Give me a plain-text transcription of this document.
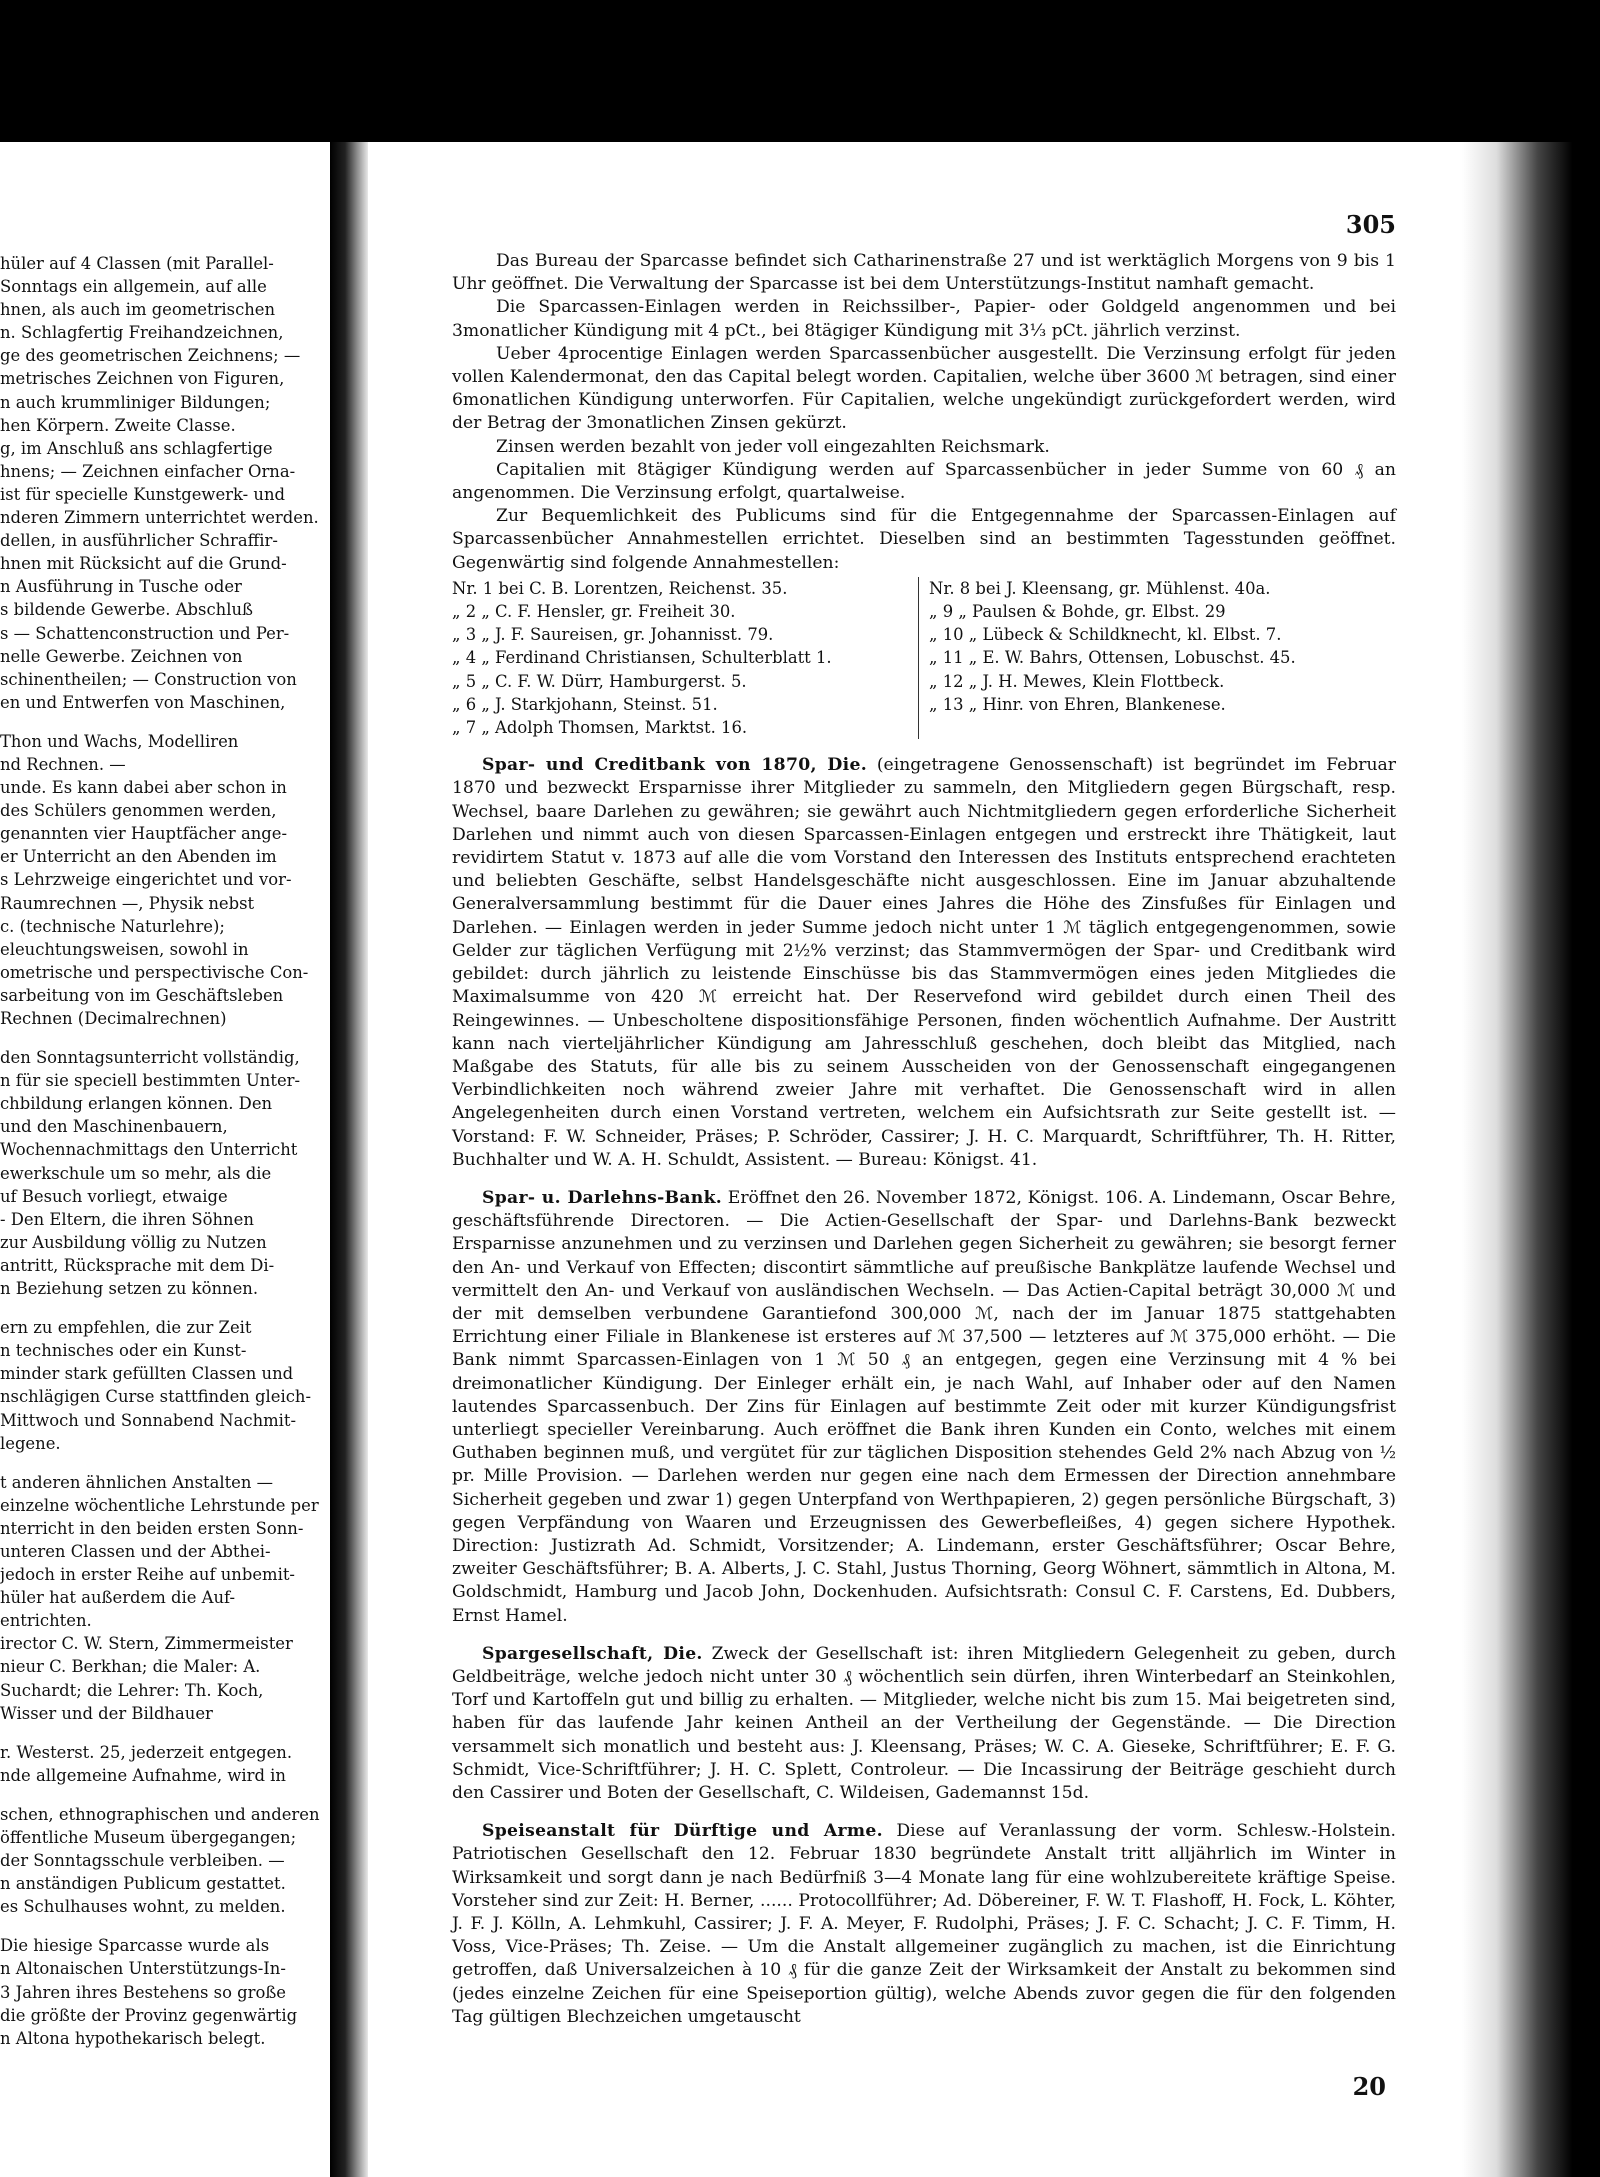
hüler auf 4 Classen (mit Parallel-
Sonntags ein allgemein, auf alle
hnen, als auch im geometrischen
n. Schlagfertig Freihandzeichnen,
ge des geometrischen Zeichnens; —
metrisches Zeichnen von Figuren,
n auch krummliniger Bildungen;
hen Körpern. Zweite Classe.
g, im Anschluß ans schlagfertige
hnens; — Zeichnen einfacher Orna-
ist für specielle Kunstgewerk- und
nderen Zimmern unterrichtet werden.
dellen, in ausführlicher Schraffir-
hnen mit Rücksicht auf die Grund-
n Ausführung in Tusche oder
s bildende Gewerbe. Abschluß
s — Schattenconstruction und Per-
nelle Gewerbe. Zeichnen von
schinentheilen; — Construction von
en und Entwerfen von Maschinen,
Thon und Wachs, Modelliren
nd Rechnen. —
unde. Es kann dabei aber schon in
des Schülers genommen werden,
genannten vier Hauptfächer ange-
er Unterricht an den Abenden im
s Lehrzweige eingerichtet und vor-
Raumrechnen —, Physik nebst
c. (technische Naturlehre);
eleuchtungsweisen, sowohl in
ometrische und perspectivische Con-
sarbeitung von im Geschäftsleben
Rechnen (Decimalrechnen)
den Sonntagsunterricht vollständig,
n für sie speciell bestimmten Unter-
chbildung erlangen können. Den
und den Maschinenbauern,
Wochennachmittags den Unterricht
ewerkschule um so mehr, als die
uf Besuch vorliegt, etwaige
- Den Eltern, die ihren Söhnen
zur Ausbildung völlig zu Nutzen
antritt, Rücksprache mit dem Di-
n Beziehung setzen zu können.
ern zu empfehlen, die zur Zeit
n technisches oder ein Kunst-
minder stark gefüllten Classen und
nschlägigen Curse stattfinden gleich-
Mittwoch und Sonnabend Nachmit-
legene.
t anderen ähnlichen Anstalten —
einzelne wöchentliche Lehrstunde per
nterricht in den beiden ersten Sonn-
unteren Classen und der Abthei-
jedoch in erster Reihe auf unbemit-
hüler hat außerdem die Auf-
entrichten.
irector C. W. Stern, Zimmermeister
nieur C. Berkhan; die Maler: A.
Suchardt; die Lehrer: Th. Koch,
Wisser und der Bildhauer
r. Westerst. 25, jederzeit entgegen.
nde allgemeine Aufnahme, wird in
schen, ethnographischen und anderen
öffentliche Museum übergegangen;
der Sonntagsschule verbleiben. —
n anständigen Publicum gestattet.
es Schulhauses wohnt, zu melden.
Die hiesige Sparcasse wurde als
n Altonaischen Unterstützungs-In-
3 Jahren ihres Bestehens so große
die größte der Provinz gegenwärtig
n Altona hypothekarisch belegt.
305

Das Bureau der Sparcasse befindet sich Catharinenstraße 27 und ist werktäglich Morgens von 9 bis 1 Uhr geöffnet. Die Verwaltung der Sparcasse ist bei dem Unterstützungs-Institut namhaft gemacht.

Die Sparcassen-Einlagen werden in Reichssilber-, Papier- oder Goldgeld angenommen und bei 3monatlicher Kündigung mit 4 pCt., bei 8tägiger Kündigung mit 3⅓ pCt. jährlich verzinst.

Ueber 4procentige Einlagen werden Sparcassenbücher ausgestellt. Die Verzinsung erfolgt für jeden vollen Kalendermonat, den das Capital belegt worden. Capitalien, welche über 3600 ℳ betragen, sind einer 6monatlichen Kündigung unterworfen. Für Capitalien, welche ungekündigt zurückgefordert werden, wird der Betrag der 3monatlichen Zinsen gekürzt.

Zinsen werden bezahlt von jeder voll eingezahlten Reichsmark.

Capitalien mit 8tägiger Kündigung werden auf Sparcassenbücher in jeder Summe von 60 ₰ an angenommen. Die Verzinsung erfolgt, quartalweise.

Zur Bequemlichkeit des Publicums sind für die Entgegennahme der Sparcassen-Einlagen auf Sparcassenbücher Annahmestellen errichtet. Dieselben sind an bestimmten Tagesstunden geöffnet. Gegenwärtig sind folgende Annahmestellen:

Nr. 1 bei C. B. Lorentzen, Reichenst. 35.
„ 2 „ C. F. Hensler, gr. Freiheit 30.
„ 3 „ J. F. Saureisen, gr. Johannisst. 79.
„ 4 „ Ferdinand Christiansen, Schulterblatt 1.
„ 5 „ C. F. W. Dürr, Hamburgerst. 5.
„ 6 „ J. Starkjohann, Steinst. 51.
„ 7 „ Adolph Thomsen, Marktst. 16.
Nr. 8 bei J. Kleensang, gr. Mühlenst. 40a.
„ 9 „ Paulsen & Bohde, gr. Elbst. 29
„ 10 „ Lübeck & Schildknecht, kl. Elbst. 7.
„ 11 „ E. W. Bahrs, Ottensen, Lobuschst. 45.
„ 12 „ J. H. Mewes, Klein Flottbeck.
„ 13 „ Hinr. von Ehren, Blankenese.

Spar- und Creditbank von 1870, Die. (eingetragene Genossenschaft) ist begründet im Februar 1870 und bezweckt Ersparnisse ihrer Mitglieder zu sammeln, den Mitgliedern gegen Bürgschaft, resp. Wechsel, baare Darlehen zu gewähren; sie gewährt auch Nichtmitgliedern gegen erforderliche Sicherheit Darlehen und nimmt auch von diesen Sparcassen-Einlagen entgegen und erstreckt ihre Thätigkeit, laut revidirtem Statut v. 1873 auf alle die vom Vorstand den Interessen des Instituts entsprechend erachteten und beliebten Geschäfte, selbst Handelsgeschäfte nicht ausgeschlossen. Eine im Januar abzuhaltende Generalversammlung bestimmt für die Dauer eines Jahres die Höhe des Zinsfußes für Einlagen und Darlehen. — Einlagen werden in jeder Summe jedoch nicht unter 1 ℳ täglich entgegengenommen, sowie Gelder zur täglichen Verfügung mit 2½% verzinst; das Stammvermögen der Spar- und Creditbank wird gebildet: durch jährlich zu leistende Einschüsse bis das Stammvermögen eines jeden Mitgliedes die Maximalsumme von 420 ℳ erreicht hat. Der Reservefond wird gebildet durch einen Theil des Reingewinnes. — Unbescholtene dispositionsfähige Personen, finden wöchentlich Aufnahme. Der Austritt kann nach vierteljährlicher Kündigung am Jahresschluß geschehen, doch bleibt das Mitglied, nach Maßgabe des Statuts, für alle bis zu seinem Ausscheiden von der Genossenschaft eingegangenen Verbindlichkeiten noch während zweier Jahre mit verhaftet. Die Genossenschaft wird in allen Angelegenheiten durch einen Vorstand vertreten, welchem ein Aufsichtsrath zur Seite gestellt ist. — Vorstand: F. W. Schneider, Präses; P. Schröder, Cassirer; J. H. C. Marquardt, Schriftführer, Th. H. Ritter, Buchhalter und W. A. H. Schuldt, Assistent. — Bureau: Königst. 41.

Spar- u. Darlehns-Bank. Eröffnet den 26. November 1872, Königst. 106. A. Lindemann, Oscar Behre, geschäftsführende Directoren. — Die Actien-Gesellschaft der Spar- und Darlehns-Bank bezweckt Ersparnisse anzunehmen und zu verzinsen und Darlehen gegen Sicherheit zu gewähren; sie besorgt ferner den An- und Verkauf von Effecten; discontirt sämmtliche auf preußische Bankplätze laufende Wechsel und vermittelt den An- und Verkauf von ausländischen Wechseln. — Das Actien-Capital beträgt 30,000 ℳ und der mit demselben verbundene Garantiefond 300,000 ℳ, nach der im Januar 1875 stattgehabten Errichtung einer Filiale in Blankenese ist ersteres auf ℳ 37,500 — letzteres auf ℳ 375,000 erhöht. — Die Bank nimmt Sparcassen-Einlagen von 1 ℳ 50 ₰ an entgegen, gegen eine Verzinsung mit 4 % bei dreimonatlicher Kündigung. Der Einleger erhält ein, je nach Wahl, auf Inhaber oder auf den Namen lautendes Sparcassenbuch. Der Zins für Einlagen auf bestimmte Zeit oder mit kurzer Kündigungsfrist unterliegt specieller Vereinbarung. Auch eröffnet die Bank ihren Kunden ein Conto, welches mit einem Guthaben beginnen muß, und vergütet für zur täglichen Disposition stehendes Geld 2% nach Abzug von ½ pr. Mille Provision. — Darlehen werden nur gegen eine nach dem Ermessen der Direction annehmbare Sicherheit gegeben und zwar 1) gegen Unterpfand von Werthpapieren, 2) gegen persönliche Bürgschaft, 3) gegen Verpfändung von Waaren und Erzeugnissen des Gewerbefleißes, 4) gegen sichere Hypothek. Direction: Justizrath Ad. Schmidt, Vorsitzender; A. Lindemann, erster Geschäftsführer; Oscar Behre, zweiter Geschäftsführer; B. A. Alberts, J. C. Stahl, Justus Thorning, Georg Wöhnert, sämmtlich in Altona, M. Goldschmidt, Hamburg und Jacob John, Dockenhuden. Aufsichtsrath: Consul C. F. Carstens, Ed. Dubbers, Ernst Hamel.

Spargesellschaft, Die. Zweck der Gesellschaft ist: ihren Mitgliedern Gelegenheit zu geben, durch Geldbeiträge, welche jedoch nicht unter 30 ₰ wöchentlich sein dürfen, ihren Winterbedarf an Steinkohlen, Torf und Kartoffeln gut und billig zu erhalten. — Mitglieder, welche nicht bis zum 15. Mai beigetreten sind, haben für das laufende Jahr keinen Antheil an der Vertheilung der Gegenstände. — Die Direction versammelt sich monatlich und besteht aus: J. Kleensang, Präses; W. C. A. Gieseke, Schriftführer; E. F. G. Schmidt, Vice-Schriftführer; J. H. C. Splett, Controleur. — Die Incassirung der Beiträge geschieht durch den Cassirer und Boten der Gesellschaft, C. Wildeisen, Gademannst 15d.

Speiseanstalt für Dürftige und Arme. Diese auf Veranlassung der vorm. Schlesw.-Holstein. Patriotischen Gesellschaft den 12. Februar 1830 begründete Anstalt tritt alljährlich im Winter in Wirksamkeit und sorgt dann je nach Bedürfniß 3—4 Monate lang für eine wohlzubereitete kräftige Speise. Vorsteher sind zur Zeit: H. Berner, ...... Protocollführer; Ad. Döbereiner, F. W. T. Flashoff, H. Fock, L. Köhter, J. F. J. Kölln, A. Lehmkuhl, Cassirer; J. F. A. Meyer, F. Rudolphi, Präses; J. F. C. Schacht; J. C. F. Timm, H. Voss, Vice-Präses; Th. Zeise. — Um die Anstalt allgemeiner zugänglich zu machen, ist die Einrichtung getroffen, daß Universalzeichen à 10 ₰ für die ganze Zeit der Wirksamkeit der Anstalt zu bekommen sind (jedes einzelne Zeichen für eine Speiseportion gültig), welche Abends zuvor gegen die für den folgenden Tag gültigen Blechzeichen umgetauscht

20
